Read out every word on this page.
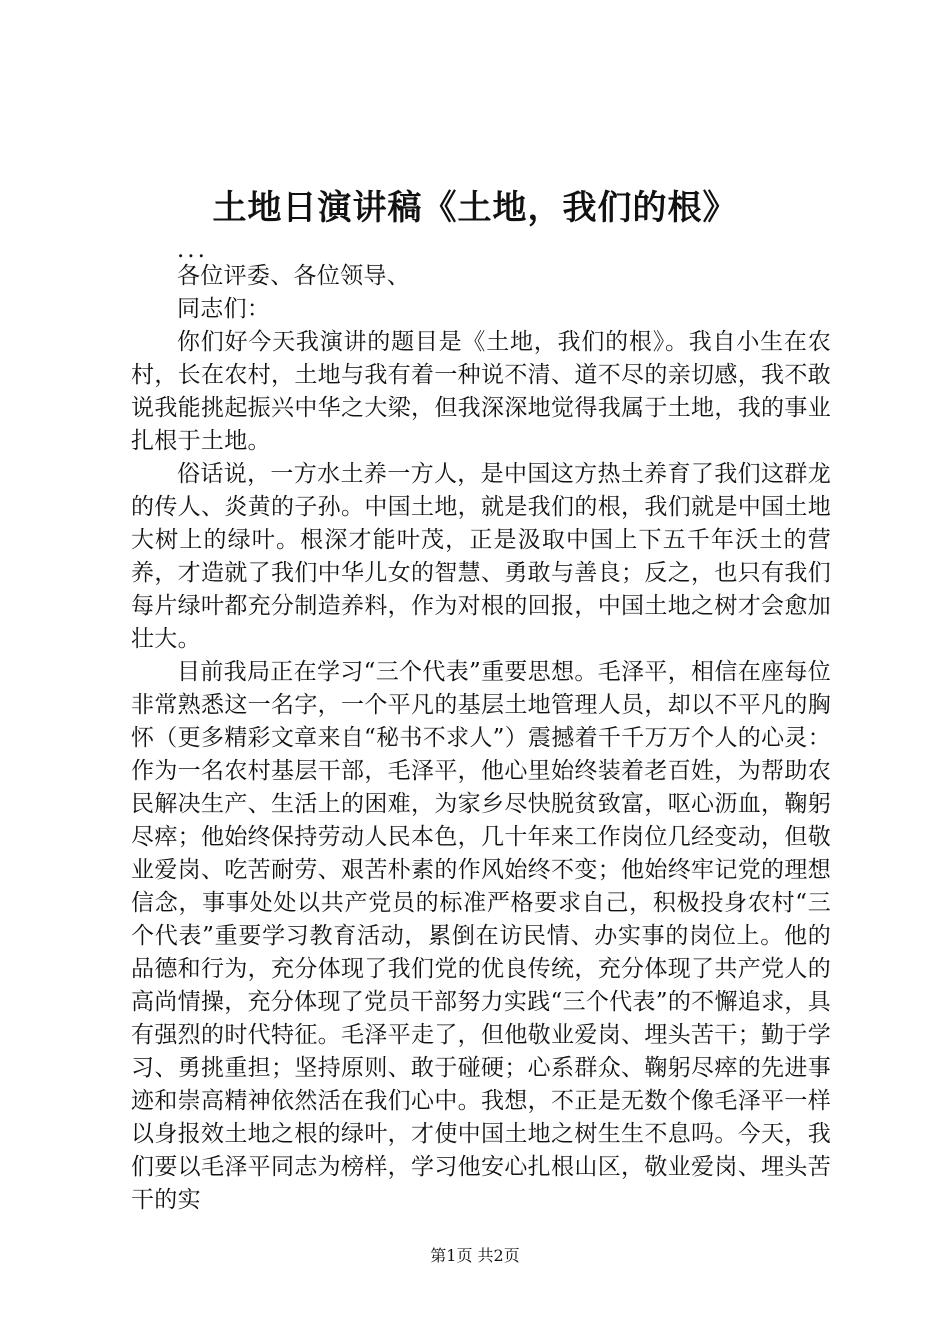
土地日演讲稿《土地，我们的根》

...

各位评委、各位领导、

同志们：

你们好今天我演讲的题目是《土地，我们的根》。我自小生在农村，长在农村，土地与我有着一种说不清、道不尽的亲切感，我不敢说我能挑起振兴中华之大梁，但我深深地觉得我属于土地，我的事业扎根于土地。

俗话说，一方水土养一方人，是中国这方热土养育了我们这群龙的传人、炎黄的子孙。中国土地，就是我们的根，我们就是中国土地大树上的绿叶。根深才能叶茂，正是汲取中国上下五千年沃土的营养，才造就了我们中华儿女的智慧、勇敢与善良；反之，也只有我们每片绿叶都充分制造养料，作为对根的回报，中国土地之树才会愈加壮大。

目前我局正在学习“三个代表”重要思想。毛泽平，相信在座每位非常熟悉这一名字，一个平凡的基层土地管理人员，却以不平凡的胸怀（更多精彩文章来自“秘书不求人”）震撼着千千万万个人的心灵：作为一名农村基层干部，毛泽平，他心里始终装着老百姓，为帮助农民解决生产、生活上的困难，为家乡尽快脱贫致富，呕心沥血，鞠躬尽瘁；他始终保持劳动人民本色，几十年来工作岗位几经变动，但敬业爱岗、吃苦耐劳、艰苦朴素的作风始终不变；他始终牢记党的理想信念，事事处处以共产党员的标准严格要求自己，积极投身农村“三个代表”重要学习教育活动，累倒在访民情、办实事的岗位上。他的品德和行为，充分体现了我们党的优良传统，充分体现了共产党人的高尚情操，充分体现了党员干部努力实践“三个代表”的不懈追求，具有强烈的时代特征。毛泽平走了，但他敬业爱岗、埋头苦干；勤于学习、勇挑重担；坚持原则、敢于碰硬；心系群众、鞠躬尽瘁的先进事迹和崇高精神依然活在我们心中。我想，不正是无数个像毛泽平一样以身报效土地之根的绿叶，才使中国土地之树生生不息吗。今天，我们要以毛泽平同志为榜样，学习他安心扎根山区，敬业爱岗、埋头苦干的实

第1页 共2页
